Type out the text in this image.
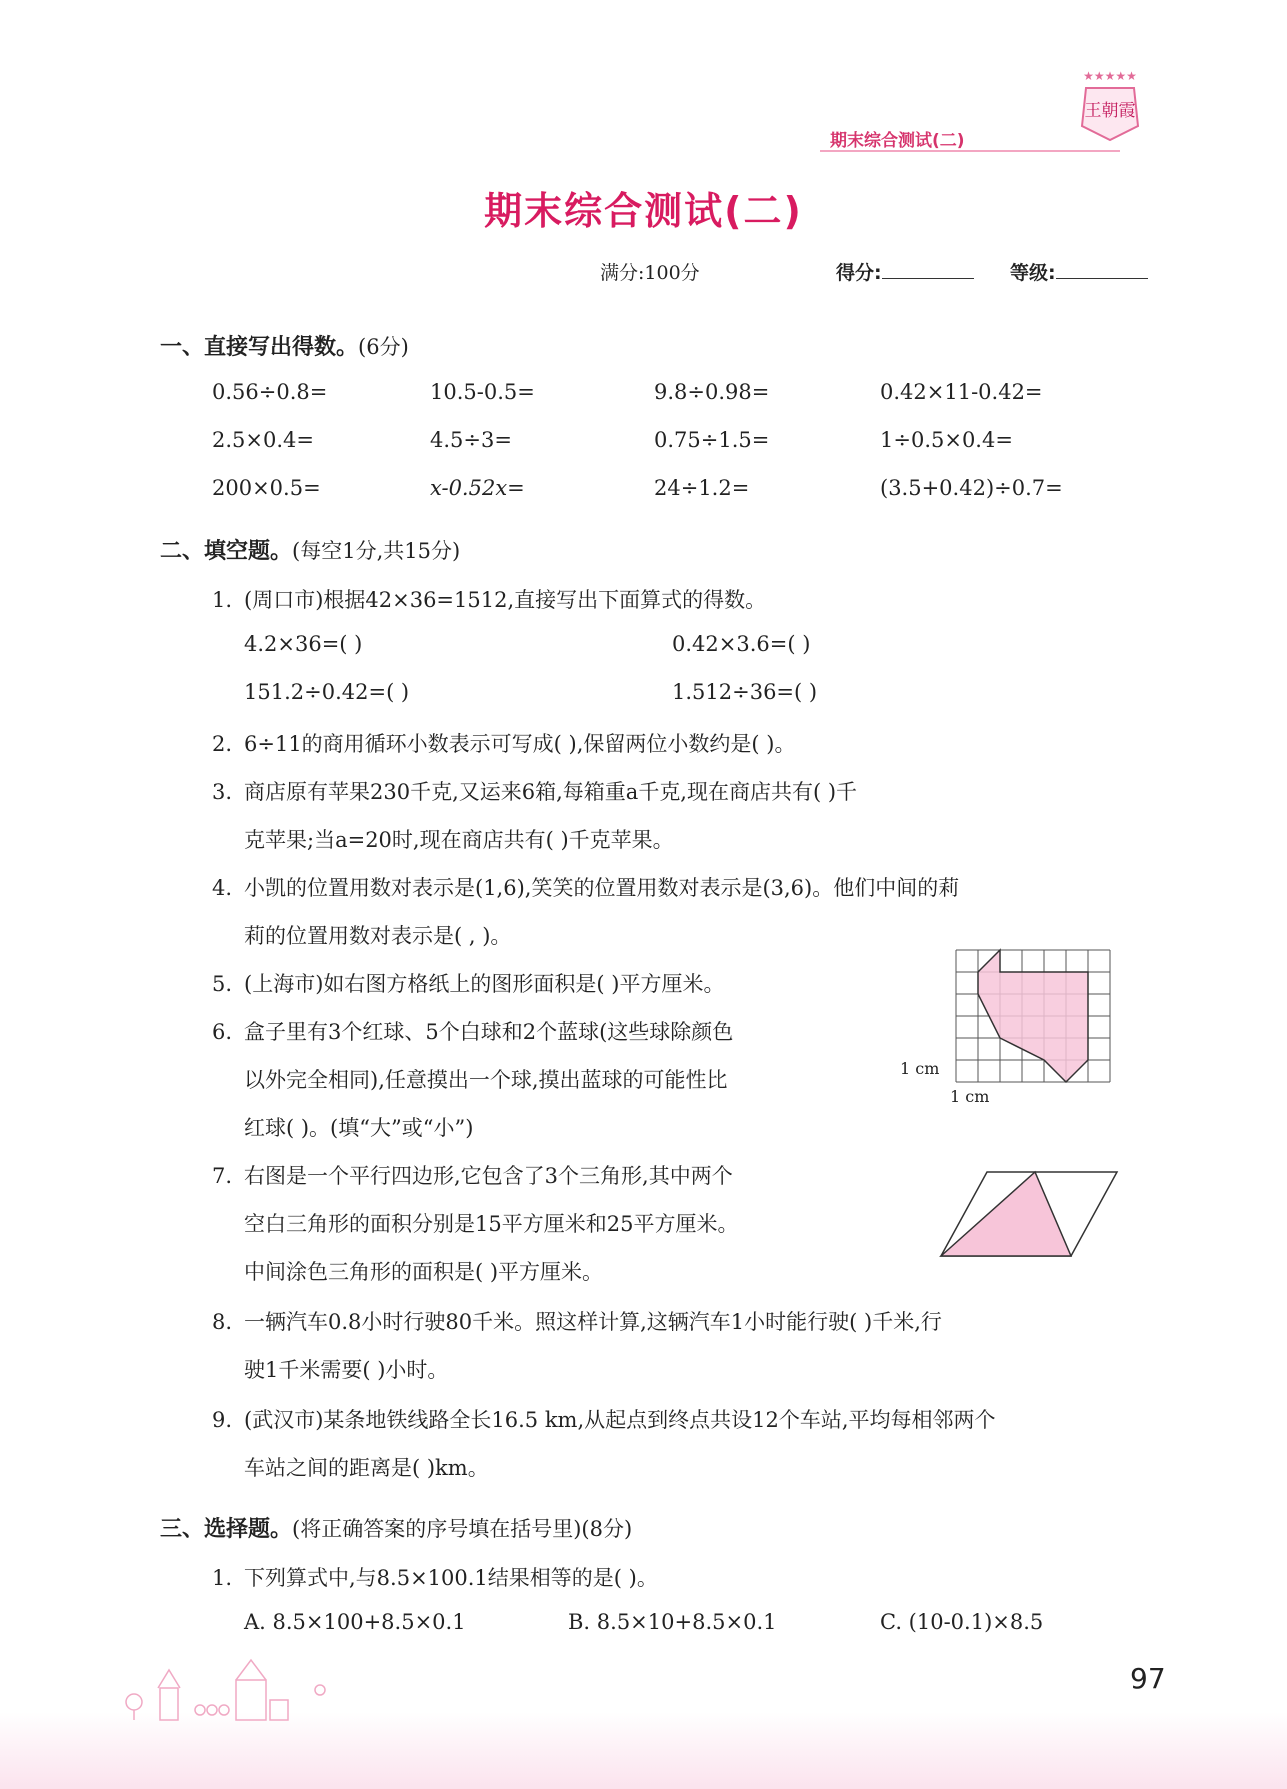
期末综合测试(二)
★★★★★
王朝霞
期末综合测试(二)
满分:100分	得分:	等级:
一、直接写出得数。(6分)
0.56÷0.8=	10.5-0.5=	9.8÷0.98=	0.42×11-0.42=
2.5×0.4=	4.5÷3=	0.75÷1.5=	1÷0.5×0.4=
200×0.5=	x-0.52x=	24÷1.2=	(3.5+0.42)÷0.7=
二、填空题。(每空1分,共15分)
1. (周口市)根据42×36=1512,直接写出下面算式的得数。
4.2×36=( )	0.42×3.6=( )
151.2÷0.42=( )	1.512÷36=( )
2. 6÷11的商用循环小数表示可写成( ),保留两位小数约是( )。
3. 商店原有苹果230千克,又运来6箱,每箱重a千克,现在商店共有( )千
克苹果;当a=20时,现在商店共有( )千克苹果。
4. 小凯的位置用数对表示是(1,6),笑笑的位置用数对表示是(3,6)。他们中间的莉
莉的位置用数对表示是( , )。
5. (上海市)如右图方格纸上的图形面积是( )平方厘米。
6. 盒子里有3个红球、5个白球和2个蓝球(这些球除颜色
以外完全相同),任意摸出一个球,摸出蓝球的可能性比
红球( )。(填“大”或“小”)
7. 右图是一个平行四边形,它包含了3个三角形,其中两个
空白三角形的面积分别是15平方厘米和25平方厘米。
中间涂色三角形的面积是( )平方厘米。
8. 一辆汽车0.8小时行驶80千米。照这样计算,这辆汽车1小时能行驶( )千米,行
驶1千米需要( )小时。
9. (武汉市)某条地铁线路全长16.5 km,从起点到终点共设12个车站,平均每相邻两个
车站之间的距离是( )km。
1 cm
1 cm
三、选择题。(将正确答案的序号填在括号里)(8分)
1. 下列算式中,与8.5×100.1结果相等的是( )。
A. 8.5×100+8.5×0.1	B. 8.5×10+8.5×0.1	C. (10-0.1)×8.5
97
